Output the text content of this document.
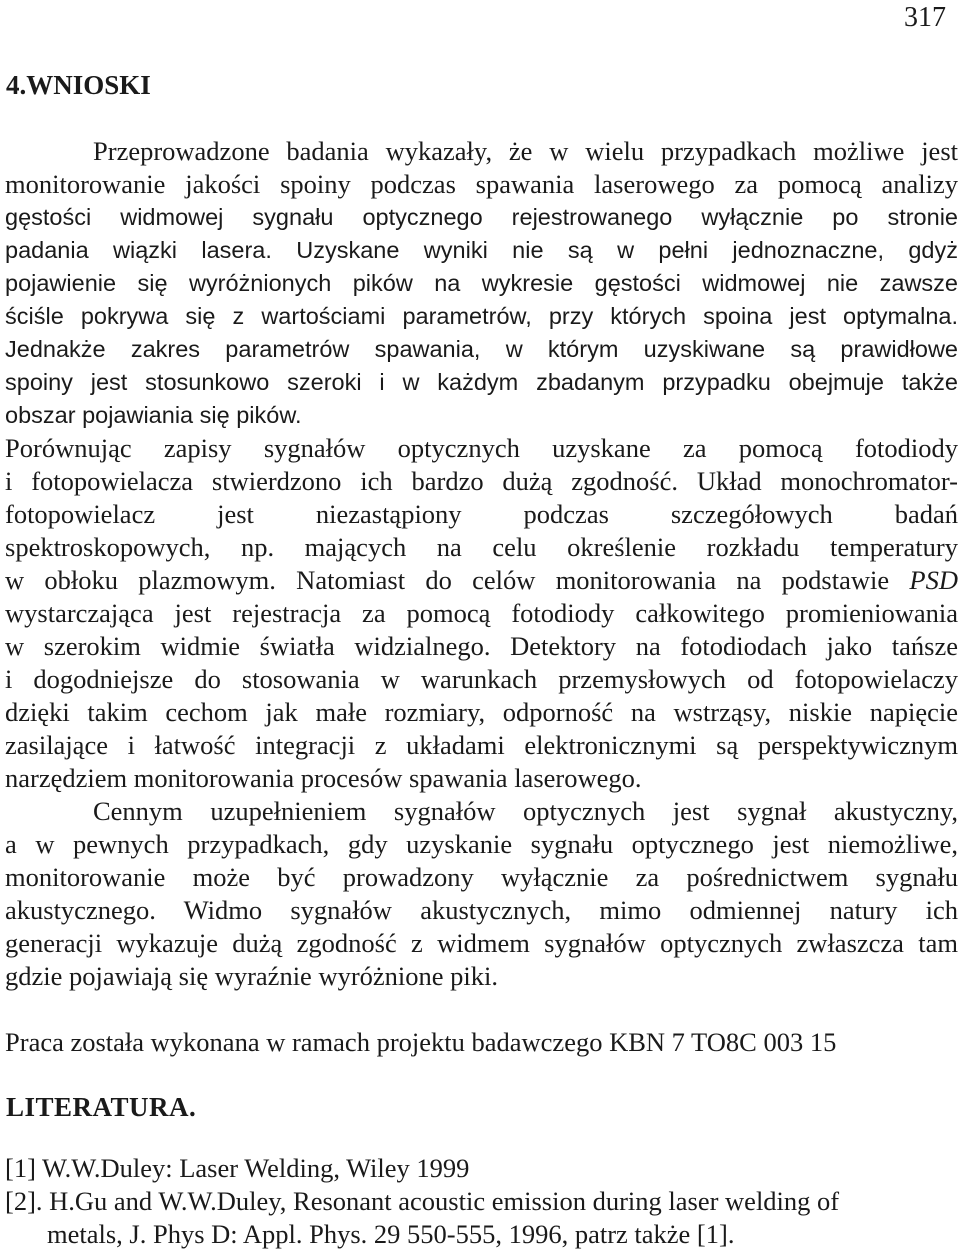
317
4.WNIOSKI
Przeprowadzone badania wykazały, że w wielu przypadkach możliwe jest
monitorowanie jakości spoiny podczas spawania laserowego za pomocą analizy
gęstości widmowej sygnału optycznego rejestrowanego wyłącznie po stronie
padania wiązki lasera. Uzyskane wyniki nie są w pełni jednoznaczne, gdyż
pojawienie się wyróżnionych pików na wykresie gęstości widmowej nie zawsze
ściśle pokrywa się z wartościami parametrów, przy których spoina jest optymalna.
Jednakże zakres parametrów spawania, w którym uzyskiwane są prawidłowe
spoiny jest stosunkowo szeroki i w każdym zbadanym przypadku obejmuje także
obszar pojawiania się pików.
Porównując zapisy sygnałów optycznych uzyskane za pomocą fotodiody
i fotopowielacza stwierdzono ich bardzo dużą zgodność. Układ monochromator-
fotopowielacz jest niezastąpiony podczas szczegółowych badań
spektroskopowych, np. mających na celu określenie rozkładu temperatury
w obłoku plazmowym. Natomiast do celów monitorowania na podstawie PSD
wystarczająca jest rejestracja za pomocą fotodiody całkowitego promieniowania
w szerokim widmie światła widzialnego. Detektory na fotodiodach jako tańsze
i dogodniejsze do stosowania w warunkach przemysłowych od fotopowielaczy
dzięki takim cechom jak małe rozmiary, odporność na wstrząsy, niskie napięcie
zasilające i łatwość integracji z układami elektronicznymi są perspektywicznym
narzędziem monitorowania procesów spawania laserowego.
Cennym uzupełnieniem sygnałów optycznych jest sygnał akustyczny,
a w pewnych przypadkach, gdy uzyskanie sygnału optycznego jest niemożliwe,
monitorowanie może być prowadzony wyłącznie za pośrednictwem sygnału
akustycznego. Widmo sygnałów akustycznych, mimo odmiennej natury ich
generacji wykazuje dużą zgodność z widmem sygnałów optycznych zwłaszcza tam
gdzie pojawiają się wyraźnie wyróżnione piki.

Praca została wykonana w ramach projektu badawczego KBN 7 TO8C 003 15

LITERATURA.
[1] W.W.Duley: Laser Welding, Wiley 1999
[2]. H.Gu and W.W.Duley, Resonant acoustic emission during laser welding of
metals, J. Phys D: Appl. Phys. 29 550-555, 1996, patrz także [1].
